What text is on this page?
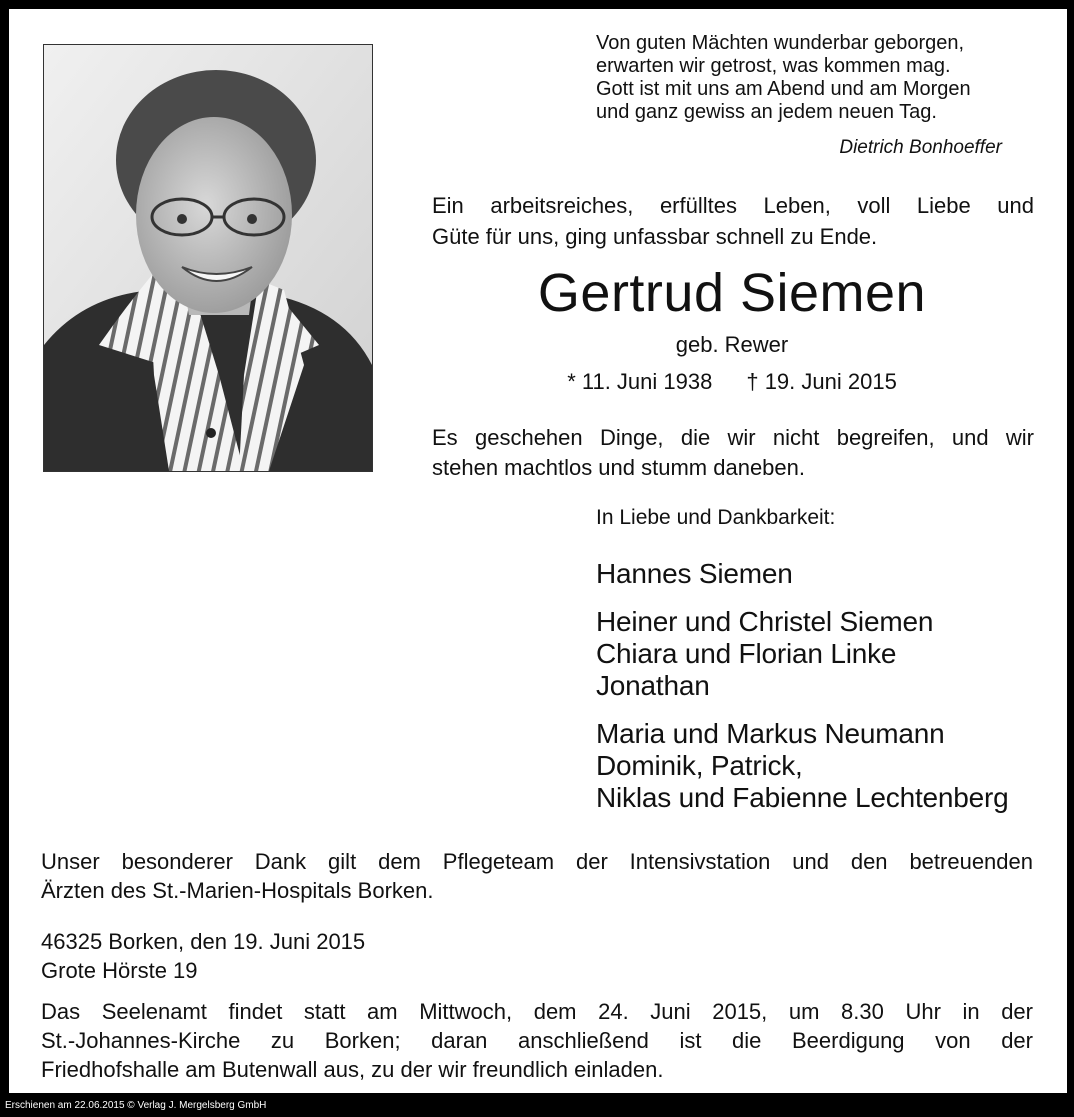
Von guten Mächten wunderbar geborgen,
erwarten wir getrost, was kommen mag.
Gott ist mit uns am Abend und am Morgen
und ganz gewiss an jedem neuen Tag.
Dietrich Bonhoeffer
Ein arbeitsreiches, erfülltes Leben, voll Liebe und
Güte für uns, ging unfassbar schnell zu Ende.
Gertrud Siemen
geb. Rewer
* 11. Juni 1938 † 19. Juni 2015
Es geschehen Dinge, die wir nicht begreifen, und wir
stehen machtlos und stumm daneben.
In Liebe und Dankbarkeit:
Hannes Siemen
Heiner und Christel Siemen
Chiara und Florian Linke
Jonathan
Maria und Markus Neumann
Dominik, Patrick,
Niklas und Fabienne Lechtenberg
Unser besonderer Dank gilt dem Pflegeteam der Intensivstation und den betreuenden
Ärzten des St.-Marien-Hospitals Borken.
46325 Borken, den 19. Juni 2015
Grote Hörste 19
Das Seelenamt findet statt am Mittwoch, dem 24. Juni 2015, um 8.30 Uhr in der
St.-Johannes-Kirche zu Borken; daran anschließend ist die Beerdigung von der
Friedhofshalle am Butenwall aus, zu der wir freundlich einladen.
Erschienen am 22.06.2015 © Verlag J. Mergelsberg GmbH
